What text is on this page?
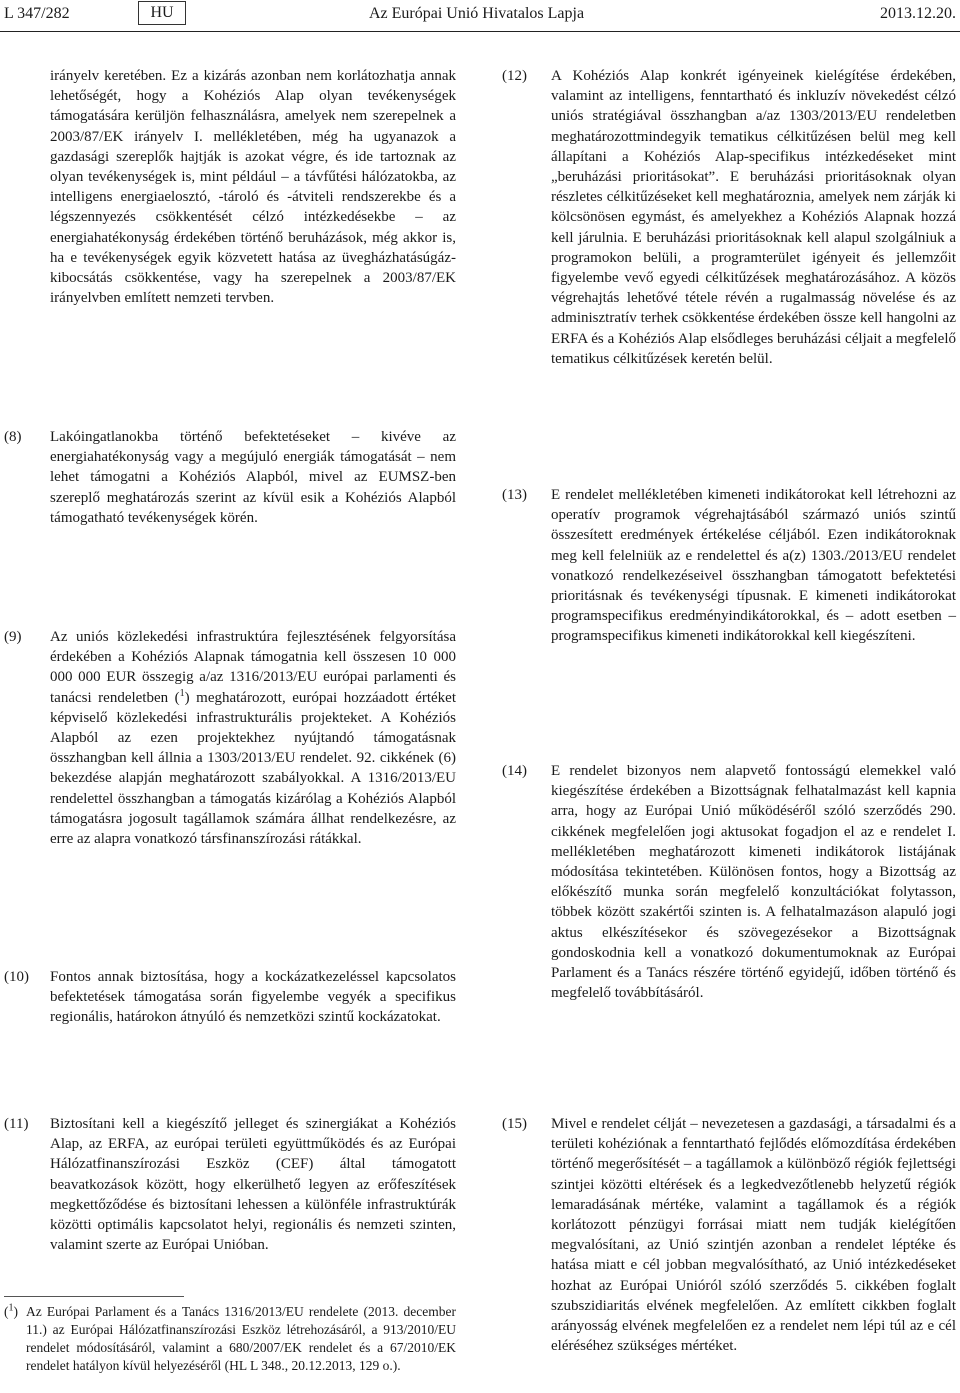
L 347/282	HU	Az Európai Unió Hivatalos Lapja	2013.12.20.
irányelv keretében. Ez a kizárás azonban nem korlátozhatja annak lehetőségét, hogy a Kohéziós Alap olyan tevékenységek támogatására kerüljön felhasználásra, amelyek nem szerepelnek a 2003/87/EK irányelv I. mellékletében, még ha ugyanazok a gazdasági szereplők hajtják is azokat végre, és ide tartoznak az olyan tevékenységek is, mint például – a távfűtési hálózatokba, az intelligens energiaelosztó, -tároló és -átviteli rendszerekbe és a légszennyezés csökkentését célzó intézkedésekbe – az energiahatékonyság érdekében történő beruházások, még akkor is, ha e tevékenységek egyik közvetett hatása az üvegházhatásúgáz-kibocsátás csökkentése, vagy ha szerepelnek a 2003/87/EK irányelvben említett nemzeti tervben.
(8) Lakóingatlanokba történő befektetéseket – kivéve az energiahatékonyság vagy a megújuló energiák támogatását – nem lehet támogatni a Kohéziós Alapból, mivel az EUMSZ-ben szereplő meghatározás szerint az kívül esik a Kohéziós Alapból támogatható tevékenységek körén.
(9) Az uniós közlekedési infrastruktúra fejlesztésének felgyorsítása érdekében a Kohéziós Alapnak támogatnia kell összesen 10 000 000 000 EUR összegig a/az 1316/2013/EU európai parlamenti és tanácsi rendeletben ($^1$) meghatározott, európai hozzáadott értéket képviselő közlekedési infrastrukturális projekteket. A Kohéziós Alapból az ezen projektekhez nyújtandó támogatásnak összhangban kell állnia a 1303/2013/EU rendelet. 92. cikkének (6) bekezdése alapján meghatározott szabályokkal. A 1316/2013/EU rendelettel összhangban a támogatás kizárólag a Kohéziós Alapból támogatásra jogosult tagállamok számára állhat rendelkezésre, az erre az alapra vonatkozó társfinanszírozási rátákkal.
(10) Fontos annak biztosítása, hogy a kockázatkezeléssel kapcsolatos befektetések támogatása során figyelembe vegyék a specifikus regionális, határokon átnyúló és nemzetközi szintű kockázatokat.
(11) Biztosítani kell a kiegészítő jelleget és szinergiákat a Kohéziós Alap, az ERFA, az európai területi együttműködés és az Európai Hálózatfinanszírozási Eszköz (CEF) által támogatott beavatkozások között, hogy elkerülhető legyen az erőfeszítések megkettőződése és biztosítani lehessen a különféle infrastruktúrák közötti optimális kapcsolatot helyi, regionális és nemzeti szinten, valamint szerte az Európai Unióban.
(12) A Kohéziós Alap konkrét igényeinek kielégítése érdekében, valamint az intelligens, fenntartható és inkluzív növekedést célzó uniós stratégiával összhangban a/az 1303/2013/EU rendeletben meghatározottmindegyik tematikus célkitűzésen belül meg kell állapítani a Kohéziós Alap-specifikus intézkedéseket mint „beruházási prioritásokat”. E beruházási prioritásoknak olyan részletes célkitűzéseket kell meghatároznia, amelyek nem zárják ki kölcsönösen egymást, és amelyekhez a Kohéziós Alapnak hozzá kell járulnia. E beruházási prioritásoknak kell alapul szolgálniuk a programokon belüli, a programterület igényeit és jellemzőit figyelembe vevő egyedi célkitűzések meghatározásához. A közös végrehajtás lehetővé tétele révén a rugalmasság növelése és az adminisztratív terhek csökkentése érdekében össze kell hangolni az ERFA és a Kohéziós Alap elsődleges beruházási céljait a megfelelő tematikus célkitűzések keretén belül.
(13) E rendelet mellékletében kimeneti indikátorokat kell létrehozni az operatív programok végrehajtásából származó uniós szintű összesített eredmények értékelése céljából. Ezen indikátoroknak meg kell felelniük az e rendelettel és a(z) 1303./2013/EU rendelet vonatkozó rendelkezéseivel összhangban támogatott befektetési prioritásnak és tevékenységi típusnak. E kimeneti indikátorokat programspecifikus eredményindikátorokkal, és – adott esetben – programspecifikus kimeneti indikátorokkal kell kiegészíteni.
(14) E rendelet bizonyos nem alapvető fontosságú elemekkel való kiegészítése érdekében a Bizottságnak felhatalmazást kell kapnia arra, hogy az Európai Unió működéséről szóló szerződés 290. cikkének megfelelően jogi aktusokat fogadjon el az e rendelet I. mellékletében meghatározott kimeneti indikátorok listájának módosítása tekintetében. Különösen fontos, hogy a Bizottság az előkészítő munka során megfelelő konzultációkat folytasson, többek között szakértői szinten is. A felhatalmazáson alapuló jogi aktus elkészítésekor és szövegezésekor a Bizottságnak gondoskodnia kell a vonatkozó dokumentumoknak az Európai Parlament és a Tanács részére történő egyidejű, időben történő és megfelelő továbbításáról.
(15) Mivel e rendelet célját – nevezetesen a gazdasági, a társadalmi és a területi kohéziónak a fenntartható fejlődés előmozdítása érdekében történő megerősítését – a tagállamok a különböző régiók fejlettségi szintjei közötti eltérések és a legkedvezőtlenebb helyzetű régiók lemaradásának mértéke, valamint a tagállamok és a régiók korlátozott pénzügyi forrásai miatt nem tudják kielégítően megvalósítani, az Unió szintjén azonban a rendelet léptéke és hatása miatt e cél jobban megvalósítható, az Unió intézkedéseket hozhat az Európai Unióról szóló szerződés 5. cikkében foglalt szubszidiaritás elvének megfelelően. Az említett cikkben foglalt arányosság elvének megfelelően ez a rendelet nem lépi túl az e cél eléréséhez szükséges mértéket.
($^1$) Az Európai Parlament és a Tanács 1316/2013/EU rendelete (2013. december 11.) az Európai Hálózatfinanszírozási Eszköz létrehozásáról, a 913/2010/EU rendelet módosításáról, valamint a 680/2007/EK rendelet és a 67/2010/EK rendelet hatályon kívül helyezéséről (HL L 348., 20.12.2013, 129 o.).
